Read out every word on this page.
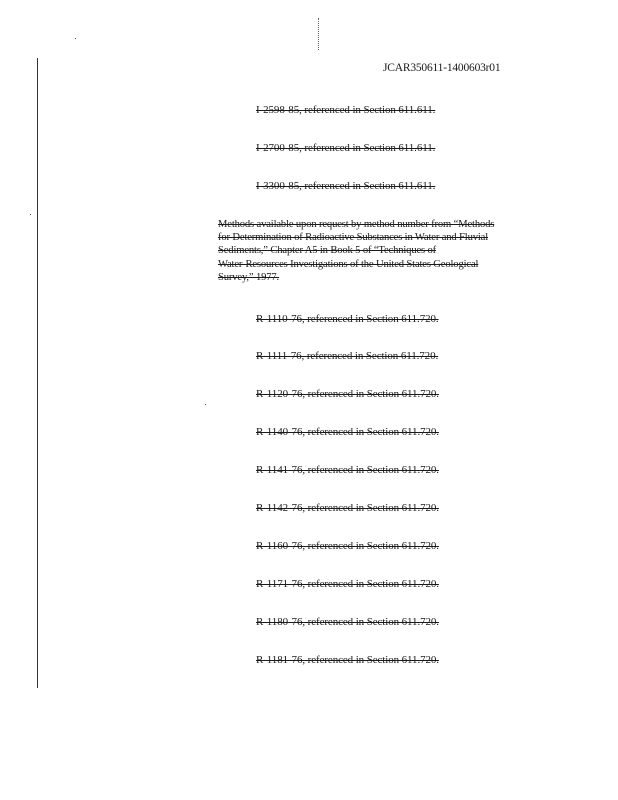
JCAR350611-1400603r01
I-2598-85, referenced in Section 611.611.
I-2700-85, referenced in Section 611.611.
I-3300-85, referenced in Section 611.611.
Methods available upon request by method number from “Methods
for Determination of Radioactive Substances in Water and Fluvial
Sediments,” Chapter A5 in Book 5 of “Techniques of
Water-Resources Investigations of the United States Geological
Survey,” 1977.
R-1110-76, referenced in Section 611.720.
R-1111-76, referenced in Section 611.720.
R-1120-76, referenced in Section 611.720.
R-1140-76, referenced in Section 611.720.
R-1141-76, referenced in Section 611.720.
R-1142-76, referenced in Section 611.720.
R-1160-76, referenced in Section 611.720.
R-1171-76, referenced in Section 611.720.
R-1180-76, referenced in Section 611.720.
R-1181-76, referenced in Section 611.720.
